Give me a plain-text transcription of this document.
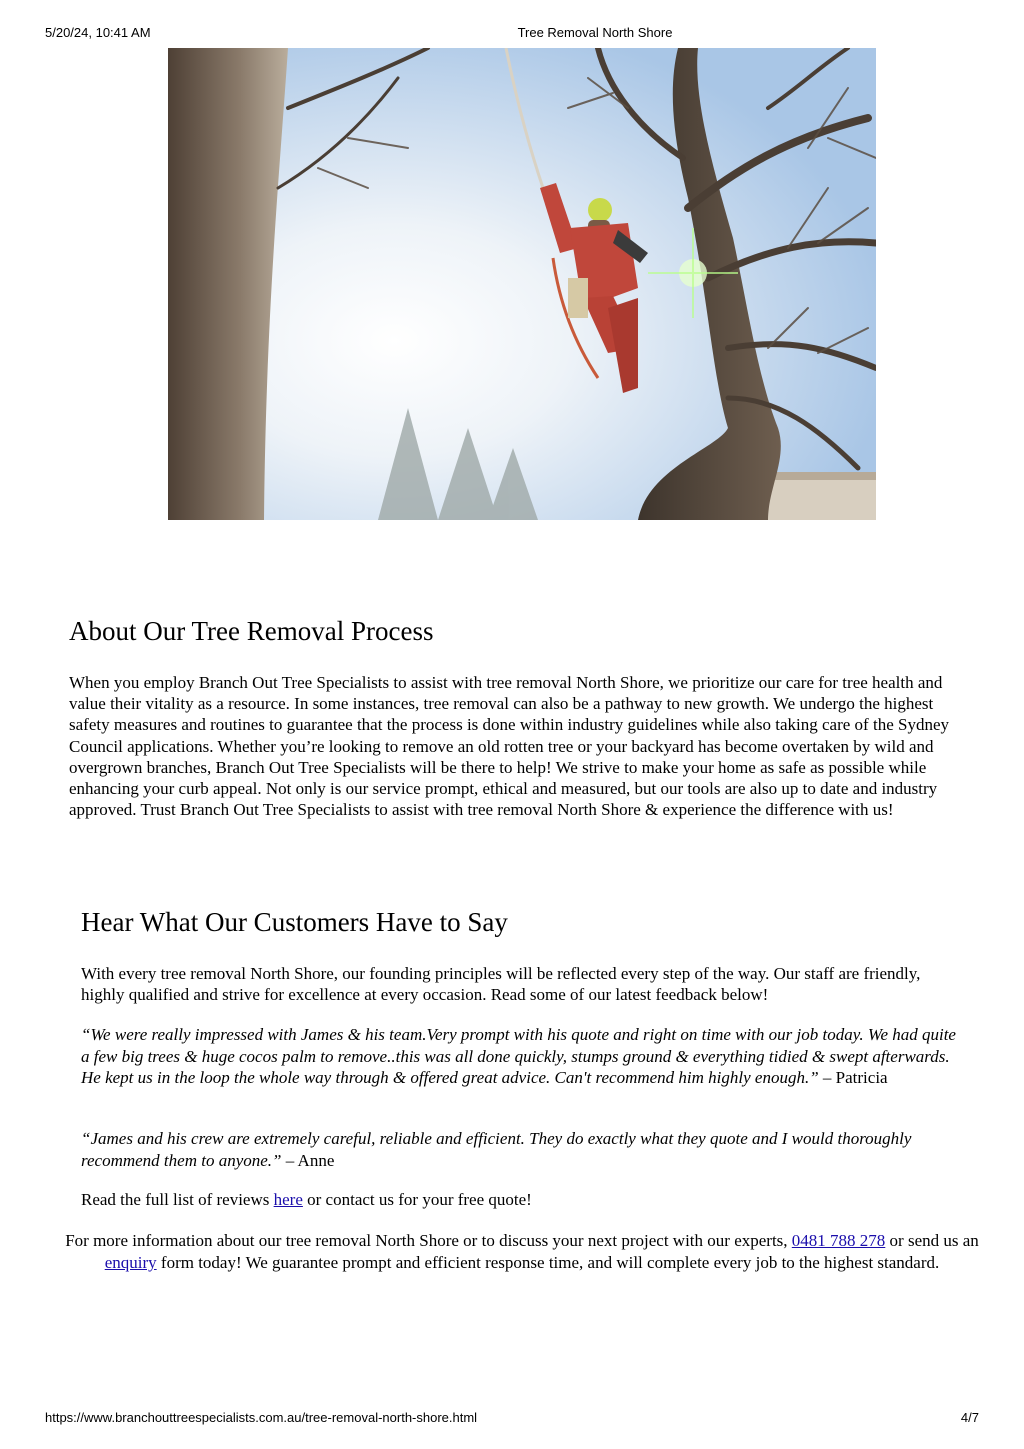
5/20/24, 10:41 AM	Tree Removal North Shore
About Our Tree Removal Process

When you employ Branch Out Tree Specialists to assist with tree removal North Shore, we prioritize our care for tree health and value their vitality as a resource. In some instances, tree removal can also be a pathway to new growth. We undergo the highest safety measures and routines to guarantee that the process is done within industry guidelines while also taking care of the Sydney Council applications. Whether you’re looking to remove an old rotten tree or your backyard has become overtaken by wild and overgrown branches, Branch Out Tree Specialists will be there to help! We strive to make your home as safe as possible while enhancing your curb appeal. Not only is our service prompt, ethical and measured, but our tools are also up to date and industry approved. Trust Branch Out Tree Specialists to assist with tree removal North Shore & experience the difference with us!

Hear What Our Customers Have to Say

With every tree removal North Shore, our founding principles will be reflected every step of the way. Our staff are friendly, highly qualified and strive for excellence at every occasion. Read some of our latest feedback below!

“We were really impressed with James & his team.Very prompt with his quote and right on time with our job today. We had quite a few big trees & huge cocos palm to remove..this was all done quickly, stumps ground & everything tidied & swept afterwards. He kept us in the loop the whole way through & offered great advice. Can't recommend him highly enough.” – Patricia

“James and his crew are extremely careful, reliable and efficient. They do exactly what they quote and I would thoroughly recommend them to anyone.” – Anne

Read the full list of reviews here or contact us for your free quote!

For more information about our tree removal North Shore or to discuss your next project with our experts, 0481 788 278 or send us an enquiry form today! We guarantee prompt and efficient response time, and will complete every job to the highest standard.

https://www.branchouttreespecialists.com.au/tree-removal-north-shore.html	4/7
